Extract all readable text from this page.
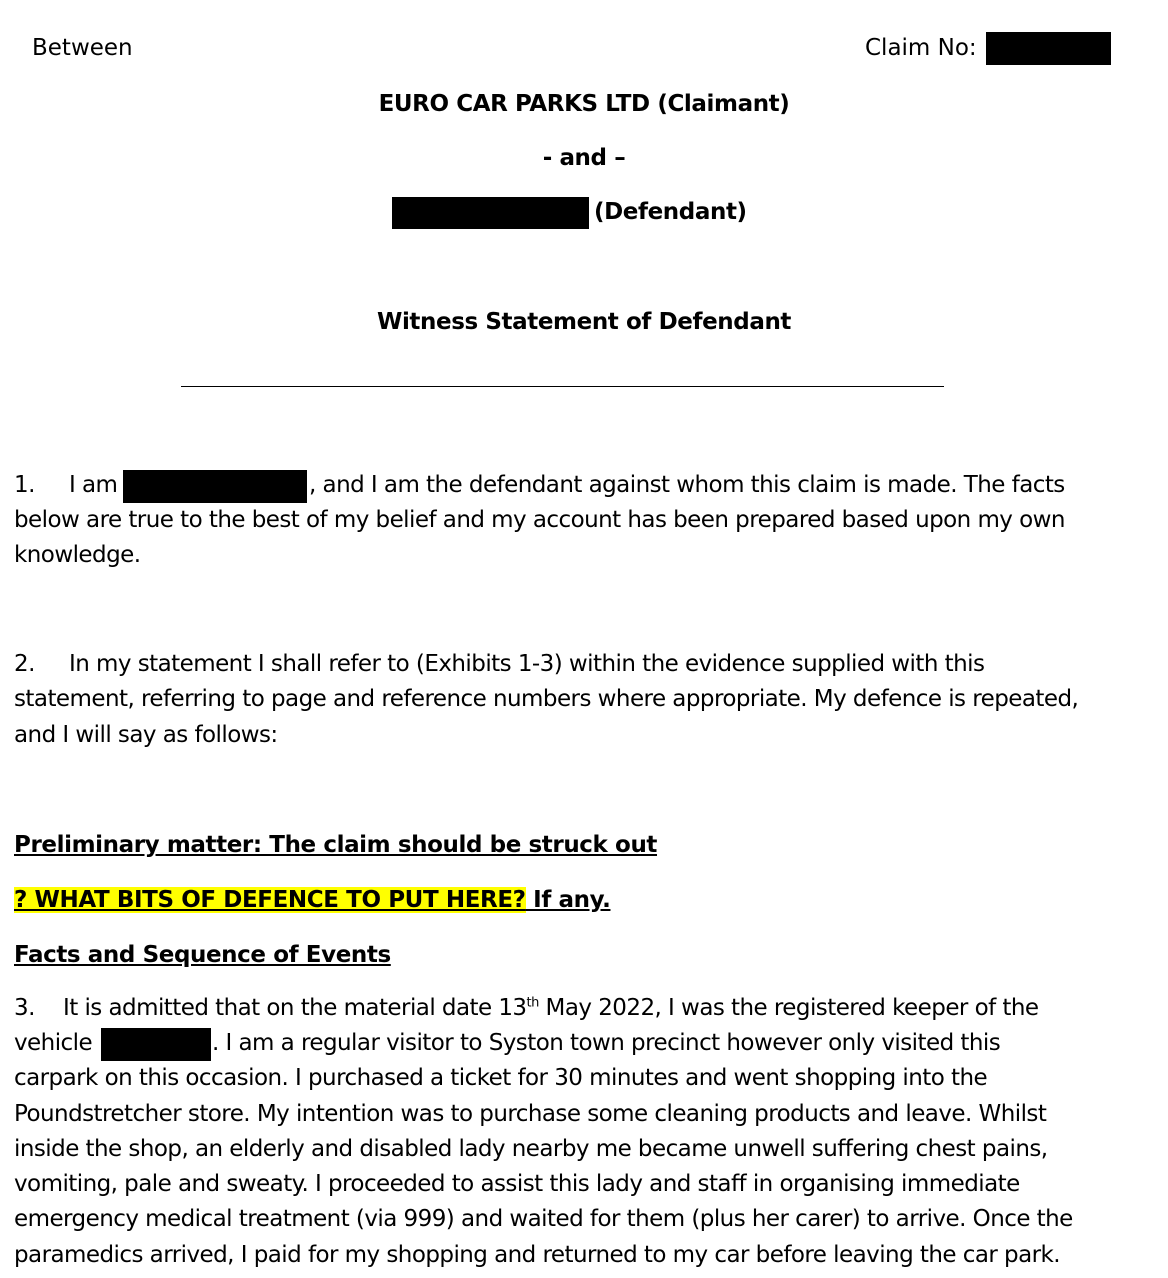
Between	Claim No:
EURO CAR PARKS LTD (Claimant)
- and –
(Defendant)
Witness Statement of Defendant
1. I am	, and I am the defendant against whom this claim is made. The facts
below are true to the best of my belief and my account has been prepared based upon my own
knowledge.
2. In my statement I shall refer to (Exhibits 1-3) within the evidence supplied with this
statement, referring to page and reference numbers where appropriate. My defence is repeated,
and I will say as follows:
Preliminary matter: The claim should be struck out
? WHAT BITS OF DEFENCE TO PUT HERE? If any.
Facts and Sequence of Events
3. It is admitted that on the material date 13th May 2022, I was the registered keeper of the
vehicle	. I am a regular visitor to Syston town precinct however only visited this
carpark on this occasion. I purchased a ticket for 30 minutes and went shopping into the
Poundstretcher store. My intention was to purchase some cleaning products and leave. Whilst
inside the shop, an elderly and disabled lady nearby me became unwell suffering chest pains,
vomiting, pale and sweaty. I proceeded to assist this lady and staff in organising immediate
emergency medical treatment (via 999) and waited for them (plus her carer) to arrive. Once the
paramedics arrived, I paid for my shopping and returned to my car before leaving the car park.
